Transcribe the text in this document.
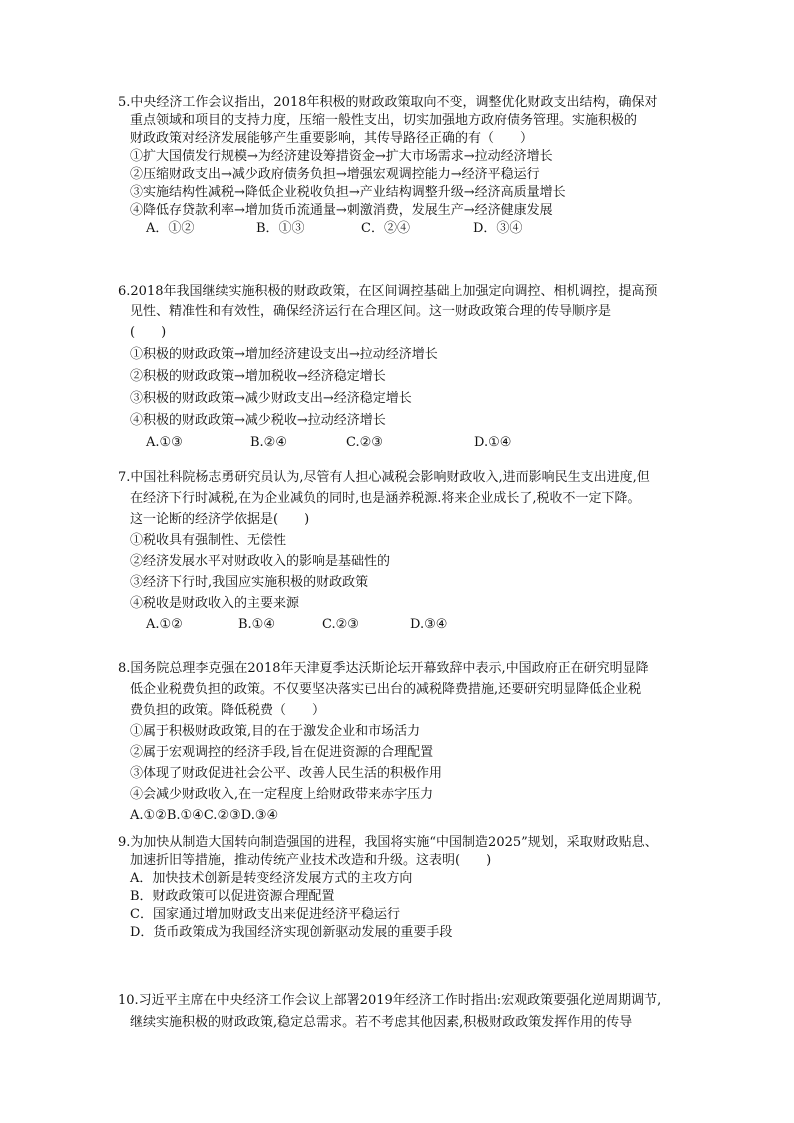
5.中央经济工作会议指出，2018年积极的财政政策取向不变，调整优化财政支出结构，确保对
重点领域和项目的支持力度，压缩一般性支出，切实加强地方政府债务管理。实施积极的
财政政策对经济发展能够产生重要影响，其传导路径正确的有（　　）
①扩大国债发行规模→为经济建设筹措资金→扩大市场需求→拉动经济增长
②压缩财政支出→减少政府债务负担→增强宏观调控能力→经济平稳运行
③实施结构性减税→降低企业税收负担→产业结构调整升级→经济高质量增长
④降低存贷款利率→增加货币流通量→刺激消费，发展生产→经济健康发展
A．①②	B．①③	C．②④	D．③④
6.2018年我国继续实施积极的财政政策，在区间调控基础上加强定向调控、相机调控，提高预
见性、精准性和有效性，确保经济运行在合理区间。这一财政政策合理的传导顺序是
(　　)
①积极的财政政策→增加经济建设支出→拉动经济增长
②积极的财政政策→增加税收→经济稳定增长
③积极的财政政策→减少财政支出→经济稳定增长
④积极的财政政策→减少税收→拉动经济增长
A.①③	B.②④	C.②③	D.①④
7.中国社科院杨志勇研究员认为,尽管有人担心减税会影响财政收入,进而影响民生支出进度,但
在经济下行时减税,在为企业减负的同时,也是涵养税源.将来企业成长了,税收不一定下降。
这一论断的经济学依据是(　　)
①税收具有强制性、无偿性
②经济发展水平对财政收入的影响是基础性的
③经济下行时,我国应实施积极的财政政策
④税收是财政收入的主要来源
A.①②	B.①④	C.②③	D.③④
8.国务院总理李克强在2018年天津夏季达沃斯论坛开幕致辞中表示,中国政府正在研究明显降
低企业税费负担的政策。不仅要坚决落实已出台的减税降费措施,还要研究明显降低企业税
费负担的政策。降低税费（　　）
①属于积极财政政策,目的在于激发企业和市场活力
②属于宏观调控的经济手段,旨在促进资源的合理配置
③体现了财政促进社会公平、改善人民生活的积极作用
④会减少财政收入,在一定程度上给财政带来赤字压力
A.①②B.①④C.②③D.③④
9.为加快从制造大国转向制造强国的进程，我国将实施“中国制造2025”规划，采取财政贴息、
加速折旧等措施，推动传统产业技术改造和升级。这表明(　　)
A．加快技术创新是转变经济发展方式的主攻方向
B．财政政策可以促进资源合理配置
C．国家通过增加财政支出来促进经济平稳运行
D．货币政策成为我国经济实现创新驱动发展的重要手段
10.习近平主席在中央经济工作会议上部署2019年经济工作时指出:宏观政策要强化逆周期调节,
继续实施积极的财政政策,稳定总需求。若不考虑其他因素,积极财政政策发挥作用的传导
